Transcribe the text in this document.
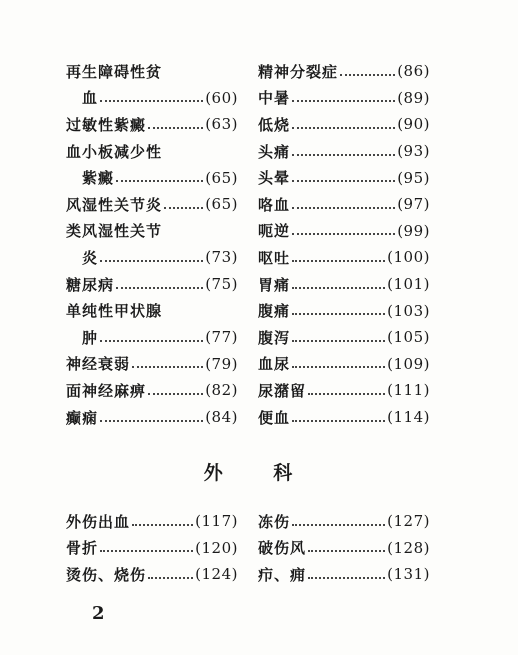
再生障碍性贫
血	(60)
过敏性紫癜	(63)
血小板减少性
紫癜	(65)
风湿性关节炎	(65)
类风湿性关节
炎	(73)
糖尿病	(75)
单纯性甲状腺
肿	(77)
神经衰弱	(79)
面神经麻痹	(82)
癫痫	(84)
精神分裂症	(86)
中暑	(89)
低烧	(90)
头痛	(93)
头晕	(95)
咯血	(97)
呃逆	(99)
呕吐	(100)
胃痛	(101)
腹痛	(103)
腹泻	(105)
血尿	(109)
尿潴留	(111)
便血	(114)
外 科
外伤出血	(117)
骨折	(120)
烫伤、烧伤	(124)
冻伤	(127)
破伤风	(128)
疖、痈	(131)
2
